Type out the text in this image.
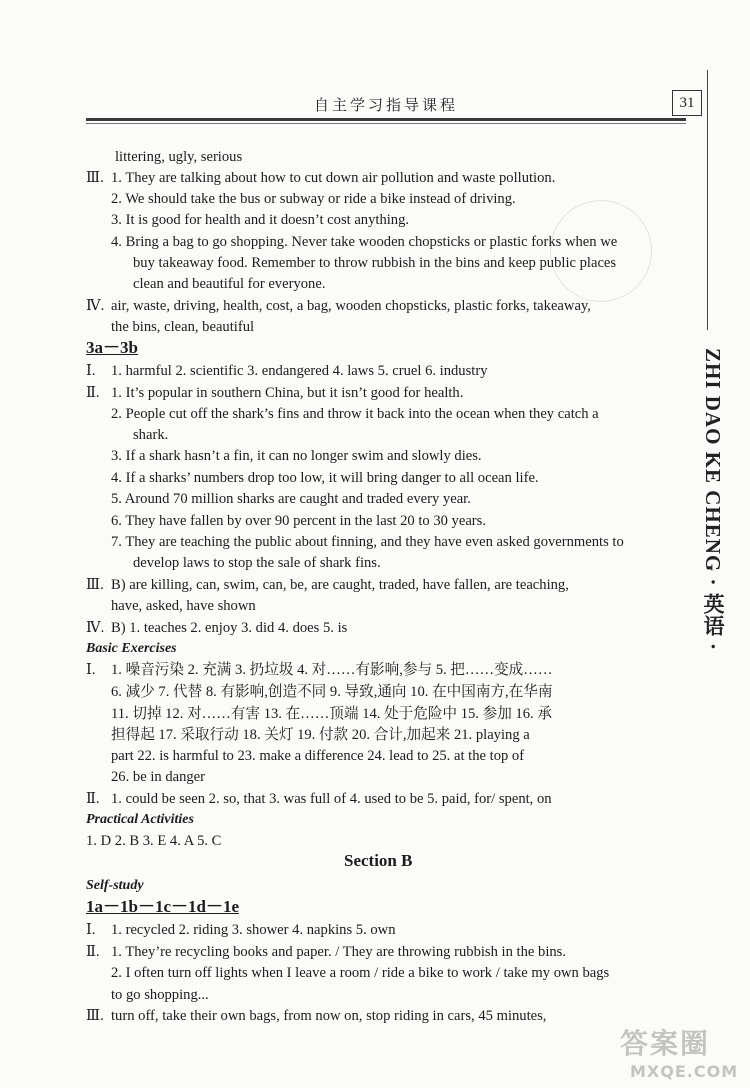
自主学习指导课程	31
ZHI DAO KE CHENG · 英语 ·
littering, ugly, serious
Ⅲ. 1. They are talking about how to cut down air pollution and waste pollution.
2. We should take the bus or subway or ride a bike instead of driving.
3. It is good for health and it doesn’t cost anything.
4. Bring a bag to go shopping. Never take wooden chopsticks or plastic forks when we
buy takeaway food. Remember to throw rubbish in the bins and keep public places
clean and beautiful for everyone.
Ⅳ. air, waste, driving, health, cost, a bag, wooden chopsticks, plastic forks, takeaway,
the bins, clean, beautiful
3a－3b
Ⅰ. 1. harmful 2. scientific 3. endangered 4. laws 5. cruel 6. industry
Ⅱ. 1. It’s popular in southern China, but it isn’t good for health.
2. People cut off the shark’s fins and throw it back into the ocean when they catch a
shark.
3. If a shark hasn’t a fin, it can no longer swim and slowly dies.
4. If a sharks’ numbers drop too low, it will bring danger to all ocean life.
5. Around 70 million sharks are caught and traded every year.
6. They have fallen by over 90 percent in the last 20 to 30 years.
7. They are teaching the public about finning, and they have even asked governments to
develop laws to stop the sale of shark fins.
Ⅲ. B) are killing, can, swim, can, be, are caught, traded, have fallen, are teaching,
have, asked, have shown
Ⅳ. B) 1. teaches 2. enjoy 3. did 4. does 5. is
Basic Exercises
Ⅰ. 1. 噪音污染 2. 充满 3. 扔垃圾 4. 对……有影响,参与 5. 把……变成……
6. 减少 7. 代替 8. 有影响,创造不同 9. 导致,通向 10. 在中国南方,在华南
11. 切掉 12. 对……有害 13. 在……顶端 14. 处于危险中 15. 参加 16. 承
担得起 17. 采取行动 18. 关灯 19. 付款 20. 合计,加起来 21. playing a
part 22. is harmful to 23. make a difference 24. lead to 25. at the top of
26. be in danger
Ⅱ. 1. could be seen 2. so, that 3. was full of 4. used to be 5. paid, for/ spent, on
Practical Activities
1. D 2. B 3. E 4. A 5. C
Section B
Self-study
1a－1b－1c－1d－1e
Ⅰ. 1. recycled 2. riding 3. shower 4. napkins 5. own
Ⅱ. 1. They’re recycling books and paper. / They are throwing rubbish in the bins.
2. I often turn off lights when I leave a room / ride a bike to work / take my own bags
to go shopping...
Ⅲ. turn off, take their own bags, from now on, stop riding in cars, 45 minutes,
答案圈
MXQE.COM
